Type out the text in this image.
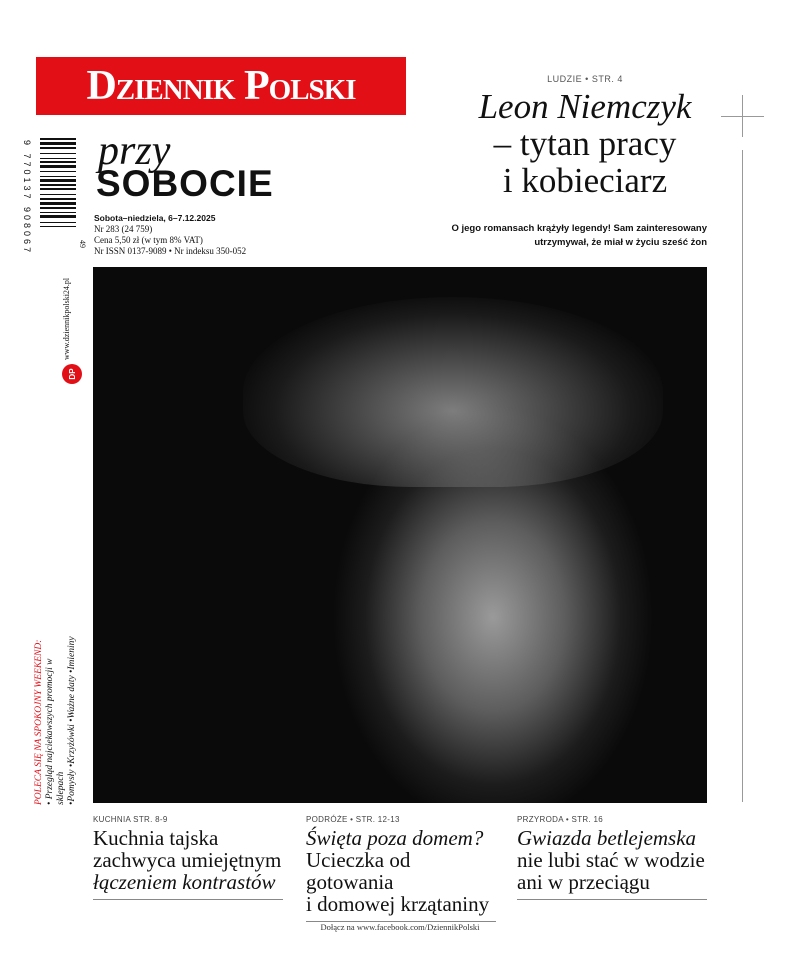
Dziennik Polski
9 770137 908067	49
przy
SOBOCIE
Sobota–niedziela, 6–7.12.2025
Nr 283 (24 759)
Cena 5,50 zł (w tym 8% VAT)
Nr ISSN 0137-9089 • Nr indeksu 350-052
www.dziennikpolski24.pl
DP
POLECA SIĘ NA SPOKOJNY WEEKEND: • Przegląd najciekawszych promocji w sklepach •Pomysły •Krzyżówki •Ważne daty •Imieniny
LUDZIE • STR. 4
Leon Niemczyk
– tytan pracy
i kobieciarz
O jego romansach krążyły legendy! Sam zainteresowany utrzymywał, że miał w życiu sześć żon
KUCHNIA STR. 8-9
Kuchnia tajska
zachwyca umiejętnym
łączeniem kontrastów
PODRÓŻE • STR. 12-13
Święta poza domem?
Ucieczka od gotowania
i domowej krzątaniny
PRZYRODA • STR. 16
Gwiazda betlejemska
nie lubi stać w wodzie
ani w przeciągu
Dołącz na www.facebook.com/DziennikPolski
